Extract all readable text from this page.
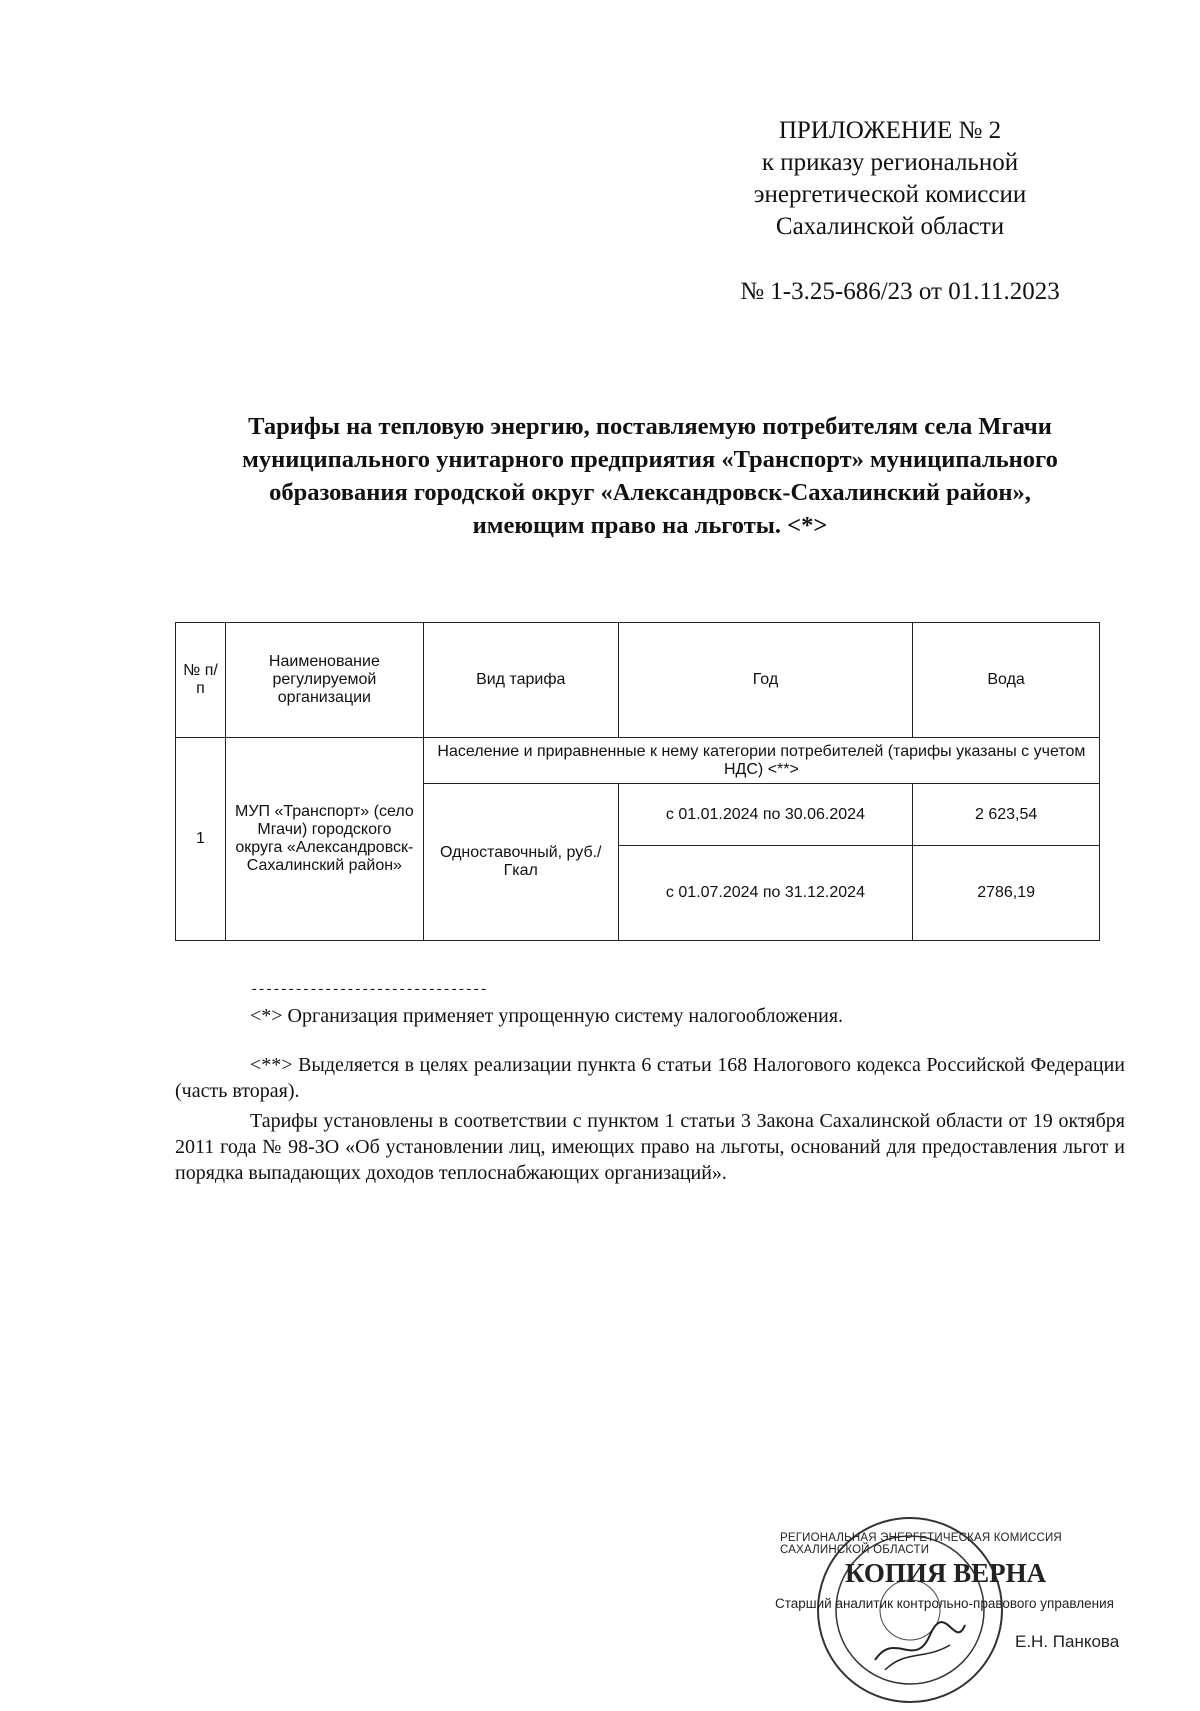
ПРИЛОЖЕНИЕ № 2
к приказу региональной
энергетической комиссии
Сахалинской области
№ 1-3.25-686/23 от 01.11.2023
Тарифы на тепловую энергию, поставляемую потребителям села Мгачи
муниципального унитарного предприятия «Транспорт» муниципального
образования городской округ «Александровск-Сахалинский район»,
имеющим право на льготы. <*>
№ п/п	Наименование регулируемой организации	Вид тарифа	Год	Вода
1	МУП «Транспорт» (село Мгачи) городского округа «Александровск-Сахалинский район»	Население и приравненные к нему категории потребителей (тарифы указаны с учетом НДС) <**>		
		Одноставочный, руб./Гкал	с 01.01.2024 по 30.06.2024	2 623,54
			с 01.07.2024 по 31.12.2024	2786,19
--------------------------------
<*> Организация применяет упрощенную систему налогообложения.

<**> Выделяется в целях реализации пункта 6 статьи 168 Налогового кодекса Российской Федерации (часть вторая).

Тарифы установлены в соответствии с пунктом 1 статьи 3 Закона Сахалинской области от 19 октября 2011 года № 98-ЗО «Об установлении лиц, имеющих право на льготы, оснований для предоставления льгот и порядка выпадающих доходов теплоснабжающих организаций».

РЕГИОНАЛЬНАЯ ЭНЕРГЕТИЧЕСКАЯ КОМИССИЯ САХАЛИНСКОЙ ОБЛАСТИ
КОПИЯ ВЕРНА
Старший аналитик контрольно-правового управления
Е.Н. Панкова
